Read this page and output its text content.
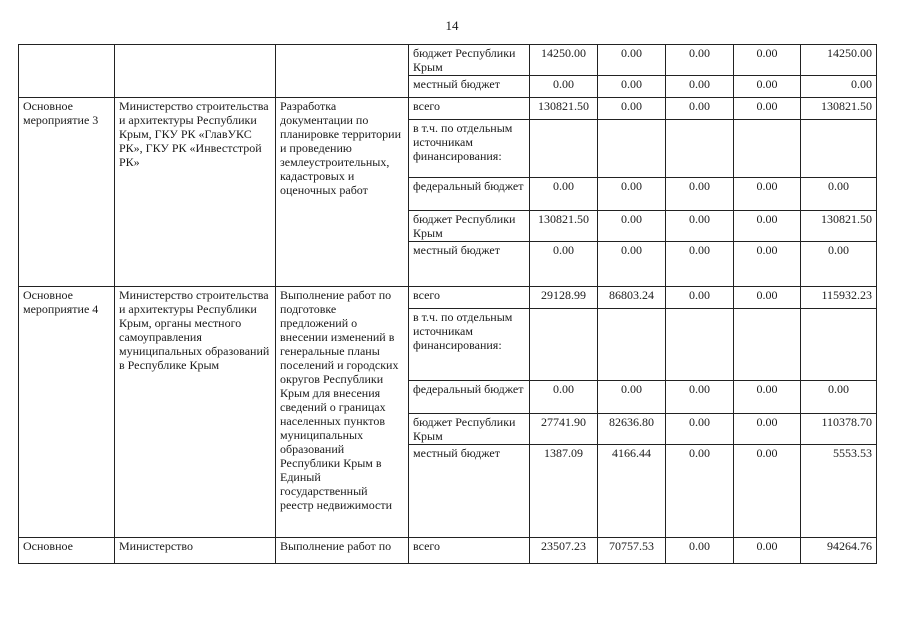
14
			бюджет Республики Крым	14250.00	0.00	0.00	0.00	14250.00
			местный бюджет	0.00	0.00	0.00	0.00	0.00
Основное мероприятие 3	Министерство строительства и архитектуры Республики Крым, ГКУ РК «ГлавУКС РК», ГКУ РК «Инвестстрой РК»	Разработка документации по планировке территории и проведению землеустроительных, кадастровых и оценочных работ	всего	130821.50	0.00	0.00	0.00	130821.50
			в т.ч. по отдельным источникам финансирования:					
			федеральный бюджет	0.00	0.00	0.00	0.00	0.00
			бюджет Республики Крым	130821.50	0.00	0.00	0.00	130821.50
			местный бюджет	0.00	0.00	0.00	0.00	0.00
Основное мероприятие 4	Министерство строительства и архитектуры Республики Крым, органы местного самоуправления муниципальных образований в Республике Крым	Выполнение работ по подготовке предложений о внесении изменений в генеральные планы поселений и городских округов Республики Крым для внесения сведений о границах населенных пунктов муниципальных образований Республики Крым в Единый государственный реестр недвижимости	всего	29128.99	86803.24	0.00	0.00	115932.23
			в т.ч. по отдельным источникам финансирования:					
			федеральный бюджет	0.00	0.00	0.00	0.00	0.00
			бюджет Республики Крым	27741.90	82636.80	0.00	0.00	110378.70
			местный бюджет	1387.09	4166.44	0.00	0.00	5553.53
Основное	Министерство	Выполнение работ по	всего	23507.23	70757.53	0.00	0.00	94264.76
